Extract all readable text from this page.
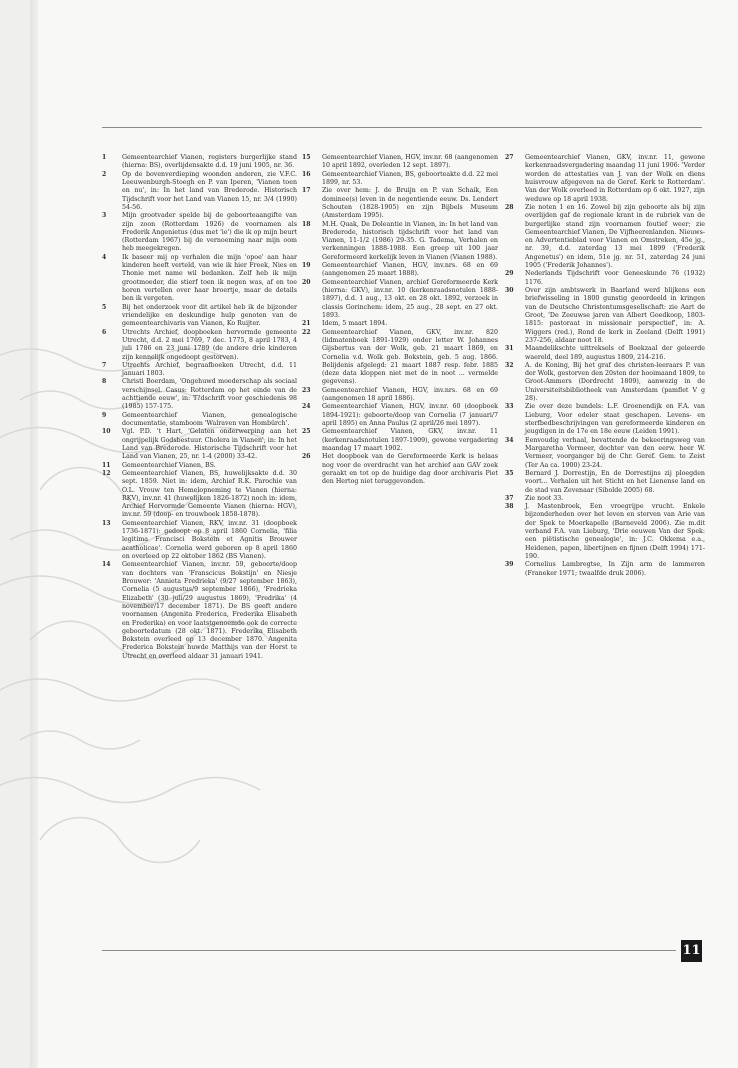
1	Gemeentearchief Vianen, registers burgerlijke stand (hierna: BS), overlijdensakte d.d. 19 juni 1905, nr. 36.
2	Op de bovenverdieping woonden anderen, zie V.F.C. Leeuwenburgh-Stoegh en P. van Iperen, 'Vianen toen en nu', in: In het land van Brederode. Historisch Tijdschrift voor het Land van Vianen 15, nr. 3/4 (1990) 54-56.
3	Mijn grootvader spelde bij de geboorteaangifte van zijn zoon (Rotterdam 1926) de voornamen als Frederik Angenietus (dus met 'ie') die ik op mijn beurt (Rotterdam 1967) bij de vernoeming naar mijn oom heb meegekregen.
4	Ik baseer mij op verhalen die mijn 'opoe' aan haar kinderen heeft verteld, van wie ik hier Freek, Nies en Thonie met name wil bedanken. Zelf heb ik mijn grootmoeder, die stierf toen ik negen was, af en toe horen vertellen over haar broertje, maar de details ben ik vergeten.
5	Bij het onderzoek voor dit artikel heb ik de bijzonder vriendelijke en deskundige hulp genoten van de gemeentearchivaris van Vianen, Ko Ruijter.
6	Utrechts Archief, doopboeken hervormde gemeente Utrecht, d.d. 2 mei 1769, 7 dec. 1775, 8 april 1783, 4 juli 1786 en 23 juni 1789 (de andere drie kinderen zijn kennelijk ongedoopt gestorven).
7	Utrechts Archief, begraafboeken Utrecht, d.d. 11 januari 1803.
8	Christi Boerdam, 'Ongehuwd moederschap als sociaal verschijnsel. Casus: Rotterdam op het einde van de achttiende eeuw', in: T?dschrift voor geschiedenis 98 (1985) 157-175.
9	Gemeentearchief Vianen, genealogische documentatie, stamboom 'Walraven van Hombürch'.
10	Vgl. P.D. 't Hart, 'Gelaten onderwerping aan het ongrijpelijk Godsbestuur. Cholera in Vianen', in: In het Land van Brederode. Historische Tijdschrift voor het Land van Vianen, 25, nr. 1-4 (2000) 33-42.
11	Gemeentearchief Vianen, BS.
12	Gemeentearchief Vianen, BS, huwelijksakte d.d. 30 sept. 1859. Niet in: idem, Archief R.K. Parochie van O.L. Vrouw ten Hemelopneming te Vianen (hierna: RKV), inv.nr. 41 (huwelijken 1826-1872) noch in: idem, Archief Hervormde Gemeente Vianen (hierna: HGV), inv.nr. 59 (doop- en trouwboek 1858-1878).
13	Gemeentearchief Vianen, RKV, inv.nr. 31 (doopboek 1736-1871): gedoopt op 8 april 1860 Cornelia, 'filia legitima Francisci Bokstein et Agnitis Brouwer acatholicae'. Cornelia werd geboren op 8 april 1860 en overleed op 22 oktober 1862 (BS Vianen).
14	Gemeentearchief Vianen, inv.nr. 59, geboorte/doop van dochters van 'Franscicus Bokstijn' en Niesje Brouwer: 'Annieta Fredrieka' (9/27 september 1863), Cornelia (5 augustus/9 september 1866), 'Fredrieka Elizabeth' (30 juli/29 augustus 1869), 'Fredrika' (4 november/17 december 1871). De BS geeft andere voornamen (Angenita Frederica, Frederika Elisabeth en Frederika) en voor laatstgenoemde ook de correcte geboortedatum (28 okt. 1871). Frederika Elisabeth Bokstein overleed op 13 december 1870. Angenita Frederica Bokstein huwde Matthijs van der Horst te Utrecht en overleed aldaar 31 januari 1941.
15	Gemeentearchief Vianen, HGV, inv.nr. 68 (aangenomen 10 april 1892, overleden 12 sept. 1897).
16	Gemeentearchief Vianen, BS, geboorteakte d.d. 22 mei 1899, nr. 53.
17	Zie over hem: J. de Bruijn en P. van Schaik, Een dominee(s) leven in de negentiende eeuw. Ds. Lendert Schouten (1828-1905) en zijn Bijbels Museum (Amsterdam 1995).
18	M.H. Quak, De Doleantie in Vianen, in: In het land van Brederode, historisch tijdschrift voor het land van Vianen, 11-1/2 (1986) 29-35. G. Tadema, Verhalen en verkenningen 1888-1988. Een greep uit 100 jaar Gereformeerd kerkelijk leven in Vianen (Vianen 1988).
19	Gemeentearchief Vianen, HGV, inv.nrs. 68 en 69 (aangenomen 25 maart 1888).
20	Gemeentearchief Vianen, archief Gereformeerde Kerk (hierna: GKV), inv.nr. 10 (kerkenraadsnotulen 1888-1897), d.d. 1 aug., 13 okt. en 28 okt. 1892, verzoek in classis Gorinchem: idem, 25 aug., 28 sept. en 27 okt. 1893.
21	Idem, 5 maart 1894.
22	Gemeentearchief Vianen, GKV, inv.nr. 820 (lidmatenboek 1891-1929) onder letter W. Johannes Gijsbertus van der Wolk, geb. 21 maart 1869, en Cornelia v.d. Wolk geb. Bokstein, geb. 5 aug. 1866. Belijdenis afgelegd: 21 maart 1887 resp. febr. 1885 (deze data kloppen niet met de in noot ... vermelde gegevens).
23	Gemeentearchief Vianen, HGV, inv.nrs. 68 en 69 (aangenomen 18 april 1886).
24	Gemeentearchief Vianen, HGV, inv.nr. 60 (doopboek 1894-1921): geboorte/doop van Cornelia (7 januari/7 april 1895) en Anna Paulus (2 april/26 mei 1897).
25	Gemeentearchief Vianen, GKV, inv.nr. 11 (kerkenraadsnotulen 1897-1909), gewone vergadering maandag 17 maart 1902.
26	Het doopboek van de Gereformeerde Kerk is helaas nog voor de overdracht van het archief aan GAV zoek geraakt en tot op de huidige dag door archivaris Piet den Hertog niet teruggevonden.
27	Gemeentearchief Vianen, GKV, inv.nr. 11, gewone kerkenraadsvergadering maandag 11 juni 1906: 'Verder worden de attestaties van J. van der Wolk en diens huisvrouw afgegeven na de Geref. Kerk te Rotterdam'. Van der Wolk overleed in Rotterdam op 6 okt. 1927, zijn weduwe op 18 april 1938.
28	Zie noten 1 en 16. Zowel bij zijn geboorte als bij zijn overlijden gaf de regionale krant in de rubriek van de burgerlijke stand zijn voornamen foutief weer; zie Gemeentearchief Vianen, De Vijfheerenlanden. Nieuws- en Advertentieblad voor Vianen en Omstreken, 45e jg., nr. 39, d.d. zaterdag 13 mei 1899 ('Frederik Angenetus') en idem, 51e jg. nr. 51, zaterdag 24 juni 1905 ('Frederik Johannes').
29	Nederlands Tijdschrift voor Geneeskunde 76 (1932) 1176.
30	Over zijn ambtswerk in Baarland werd blijkens een briefwisseling in 1800 gunstig geoordeeld in kringen van de Deutsche Christentumsgesellschaft: zie Aart de Groot, 'De Zeeuwse jaren van Albert Goedkoop, 1803-1815: pastoraat in missionair perspectief', in: A. Wiggers (red.), Rond de kerk in Zeeland (Delft 1991) 237-256, aldaar noot 18.
31	Maandelikschte uittreksels of Boekzaal der geleerde waereld, deel 189, augustus 1809, 214-216.
32	A. de Koning, Bij het graf des christen-leeraars P. van der Wolk, gestorven den 20sten der hooimaand 1809, te Groot-Ammers (Dordrecht 1809), aanwezig in de Universiteitsbibliotheek van Amsterdam (pamflet V g 28).
33	Zie over deze bundels: L.F. Groenendijk en F.A. van Lieburg, Voor edeler staat geschapen. Levens- en sterfbedbeschrijvingen van gereformeerde kinderen en jeugdigen in de 17e en 18e eeuw (Leiden 1991).
34	Eenvoudig verhaal, bevattende de bekeeringsweg van Margaretha Vermeer, dochter van den eerw. heer W. Vermeer, voorganger bij de Chr. Geref. Gem. te Zeist (Ter Aa ca. 1900) 23-24.
35	Bernard J. Dorrestijn, En de Dorrestijns zij ploegden voort... Verhalen uit het Sticht en het Lienense land en de stad van Zevenaar (Sibolde 2005) 68.
37	Zie noot 33.
38	J. Mastenbroek, Een vroegrijpe vrucht. Enkele bijzonderheden over het leven en sterven van Arie van der Spek te Moerkapelle (Barneveld 2006). Zie m.dit verband F.A. van Lieburg, 'Drie eeuwen Van der Spek: een piëtistische genealogie', in: J.C. Okkema e.a., Heidenen, papen, libertijnen en fijnen (Delft 1994) 171-190.
39	Cornelius Lambregtse, In Zijn arm de lammeren (Franeker 1971; twaalfde druk 2006).
11
